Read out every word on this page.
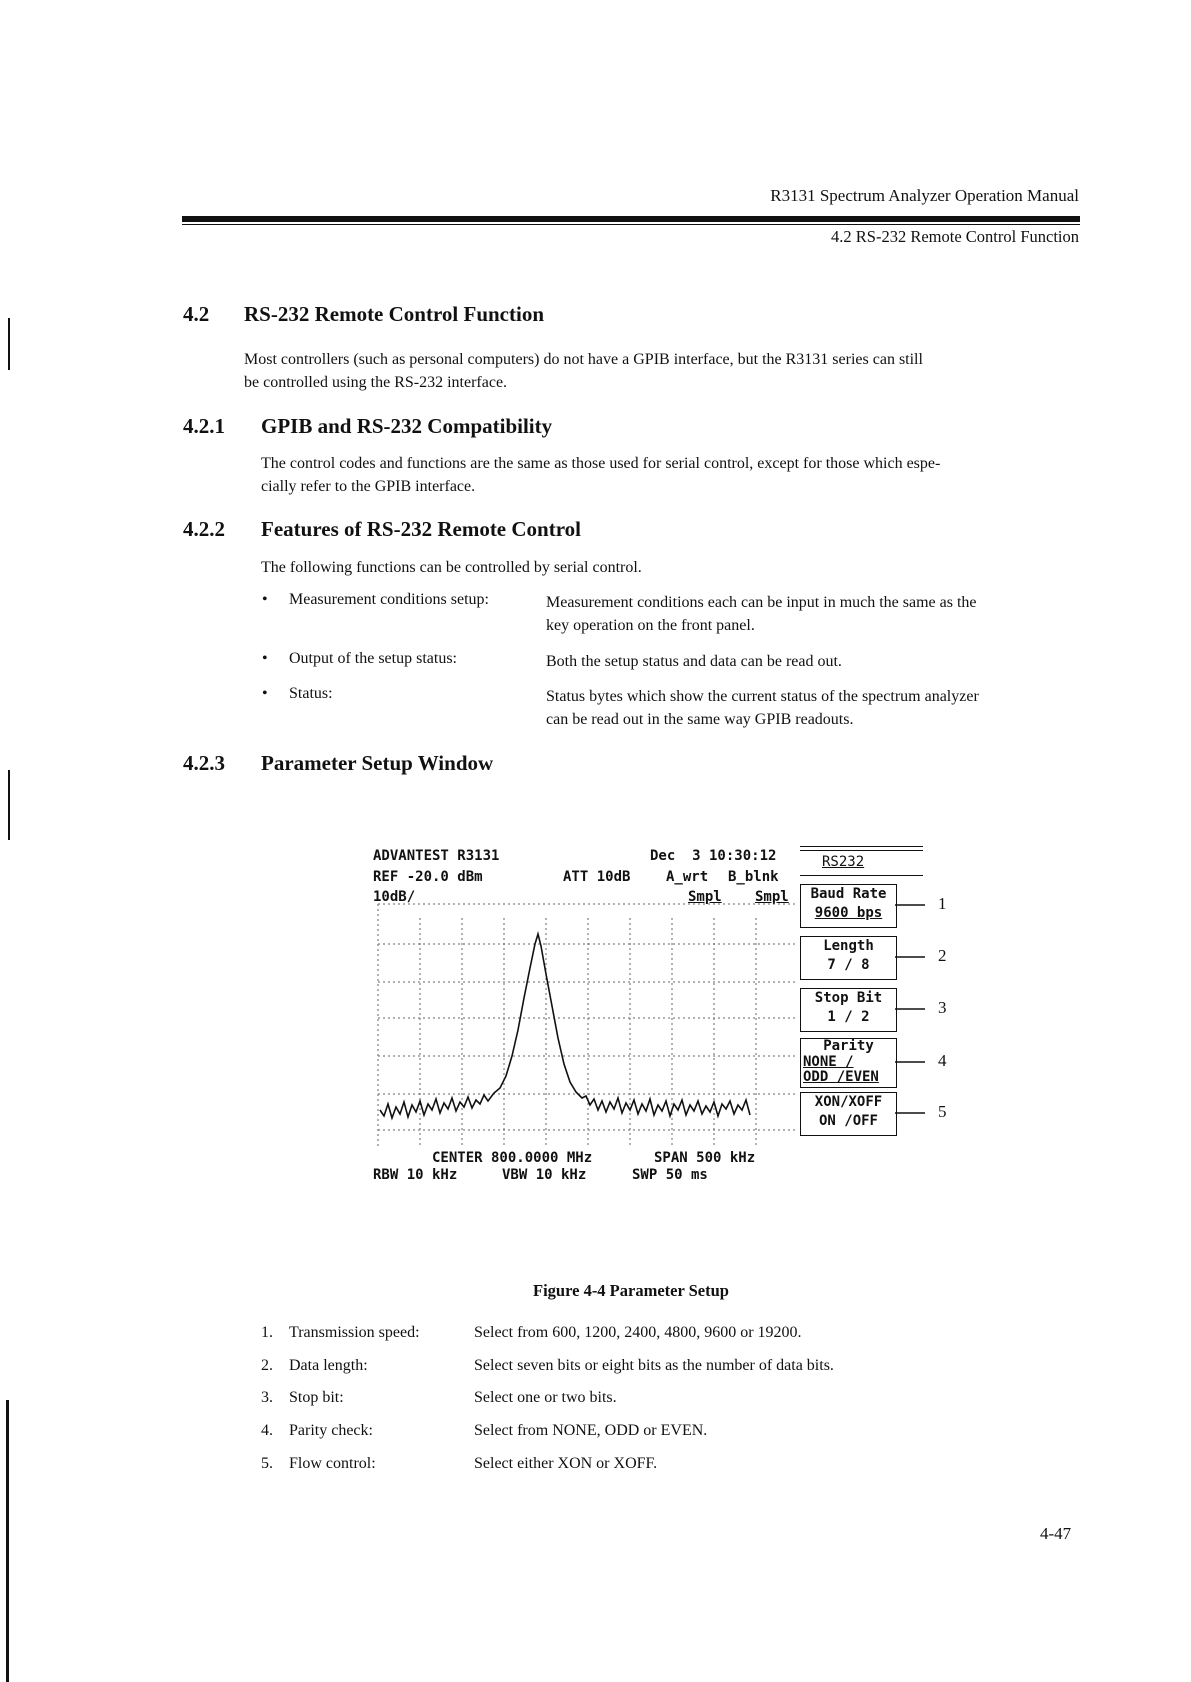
R3131 Spectrum Analyzer Operation Manual
4.2 RS-232 Remote Control Function
4.2 RS-232 Remote Control Function
Most controllers (such as personal computers) do not have a GPIB interface, but the R3131 series can still
be controlled using the RS-232 interface.
4.2.1 GPIB and RS-232 Compatibility
The control codes and functions are the same as those used for serial control, except for those which espe-
cially refer to the GPIB interface.
4.2.2 Features of RS-232 Remote Control
The following functions can be controlled by serial control.
• Measurement conditions setup:	Measurement conditions each can be input in much the same as the
key operation on the front panel.
• Output of the setup status:	Both the setup status and data can be read out.
• Status:	Status bytes which show the current status of the spectrum analyzer
can be read out in the same way GPIB readouts.
4.2.3 Parameter Setup Window
ADVANTEST R3131	Dec  3 10:30:12
REF -20.0 dBm	ATT 10dB	A_wrt B_blnk
10dB/	Smpl Smpl
RS232
CENTER 800.0000 MHz	SPAN 500 kHz
RBW 10 kHz	VBW 10 kHz	SWP 50 ms
Baud Rate
9600 bps
Length
7 / 8
Stop Bit
1 / 2
Parity
NONE /
ODD /EVEN
XON/XOFF
ON /OFF
1
2
3
4
5
Figure 4-4 Parameter Setup
1. Transmission speed:	Select from 600, 1200, 2400, 4800, 9600 or 19200.
2. Data length:	Select seven bits or eight bits as the number of data bits.
3. Stop bit:	Select one or two bits.
4. Parity check:	Select from NONE, ODD or EVEN.
5. Flow control:	Select either XON or XOFF.
4-47
